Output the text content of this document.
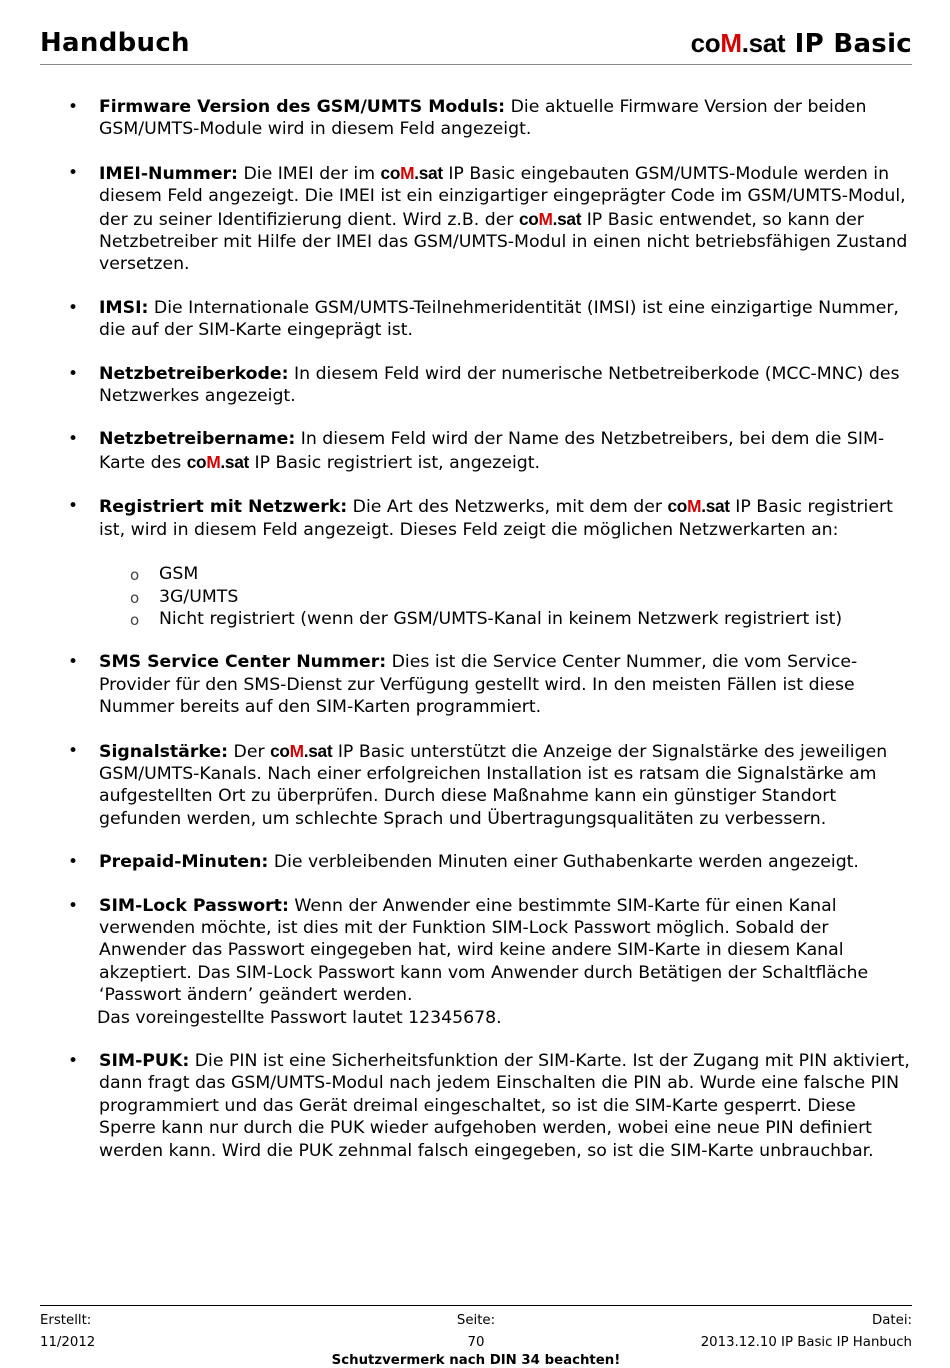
Handbuch	coM.sat IP Basic
• Firmware Version des GSM/UMTS Moduls: Die aktuelle Firmware Version der beiden GSM/UMTS-Module wird in diesem Feld angezeigt.
• IMEI-Nummer: Die IMEI der im coM.sat IP Basic eingebauten GSM/UMTS-Module werden in diesem Feld angezeigt. Die IMEI ist ein einzigartiger eingeprägter Code im GSM/UMTS-Modul, der zu seiner Identifizierung dient. Wird z.B. der coM.sat IP Basic entwendet, so kann der Netzbetreiber mit Hilfe der IMEI das GSM/UMTS-Modul in einen nicht betriebsfähigen Zustand versetzen.
• IMSI: Die Internationale GSM/UMTS-Teilnehmeridentität (IMSI) ist eine einzigartige Nummer, die auf der SIM-Karte eingeprägt ist.
• Netzbetreiberkode: In diesem Feld wird der numerische Netbetreiberkode (MCC-MNC) des Netzwerkes angezeigt.
• Netzbetreibername: In diesem Feld wird der Name des Netzbetreibers, bei dem die SIM-Karte des coM.sat IP Basic registriert ist, angezeigt.
• Registriert mit Netzwerk: Die Art des Netzwerks, mit dem der coM.sat IP Basic registriert ist, wird in diesem Feld angezeigt. Dieses Feld zeigt die möglichen Netzwerkarten an:
o GSM
o 3G/UMTS
o Nicht registriert (wenn der GSM/UMTS-Kanal in keinem Netzwerk registriert ist)
• SMS Service Center Nummer: Dies ist die Service Center Nummer, die vom Service-Provider für den SMS-Dienst zur Verfügung gestellt wird. In den meisten Fällen ist diese Nummer bereits auf den SIM-Karten programmiert.
• Signalstärke: Der coM.sat IP Basic unterstützt die Anzeige der Signalstärke des jeweiligen GSM/UMTS-Kanals. Nach einer erfolgreichen Installation ist es ratsam die Signalstärke am aufgestellten Ort zu überprüfen. Durch diese Maßnahme kann ein günstiger Standort gefunden werden, um schlechte Sprach und Übertragungsqualitäten zu verbessern.
• Prepaid-Minuten: Die verbleibenden Minuten einer Guthabenkarte werden angezeigt.
• SIM-Lock Passwort: Wenn der Anwender eine bestimmte SIM-Karte für einen Kanal verwenden möchte, ist dies mit der Funktion SIM-Lock Passwort möglich. Sobald der Anwender das Passwort eingegeben hat, wird keine andere SIM-Karte in diesem Kanal akzeptiert. Das SIM-Lock Passwort kann vom Anwender durch Betätigen der Schaltfläche ‘Passwort ändern’ geändert werden.
Das voreingestellte Passwort lautet 12345678.
• SIM-PUK: Die PIN ist eine Sicherheitsfunktion der SIM-Karte. Ist der Zugang mit PIN aktiviert, dann fragt das GSM/UMTS-Modul nach jedem Einschalten die PIN ab. Wurde eine falsche PIN programmiert und das Gerät dreimal eingeschaltet, so ist die SIM-Karte gesperrt. Diese Sperre kann nur durch die PUK wieder aufgehoben werden, wobei eine neue PIN definiert werden kann. Wird die PUK zehnmal falsch eingegeben, so ist die SIM-Karte unbrauchbar.
Erstellt:
11/2012
Seite:
70
Datei:
2013.12.10 IP Basic IP Hanbuch
Schutzvermerk nach DIN 34 beachten!
